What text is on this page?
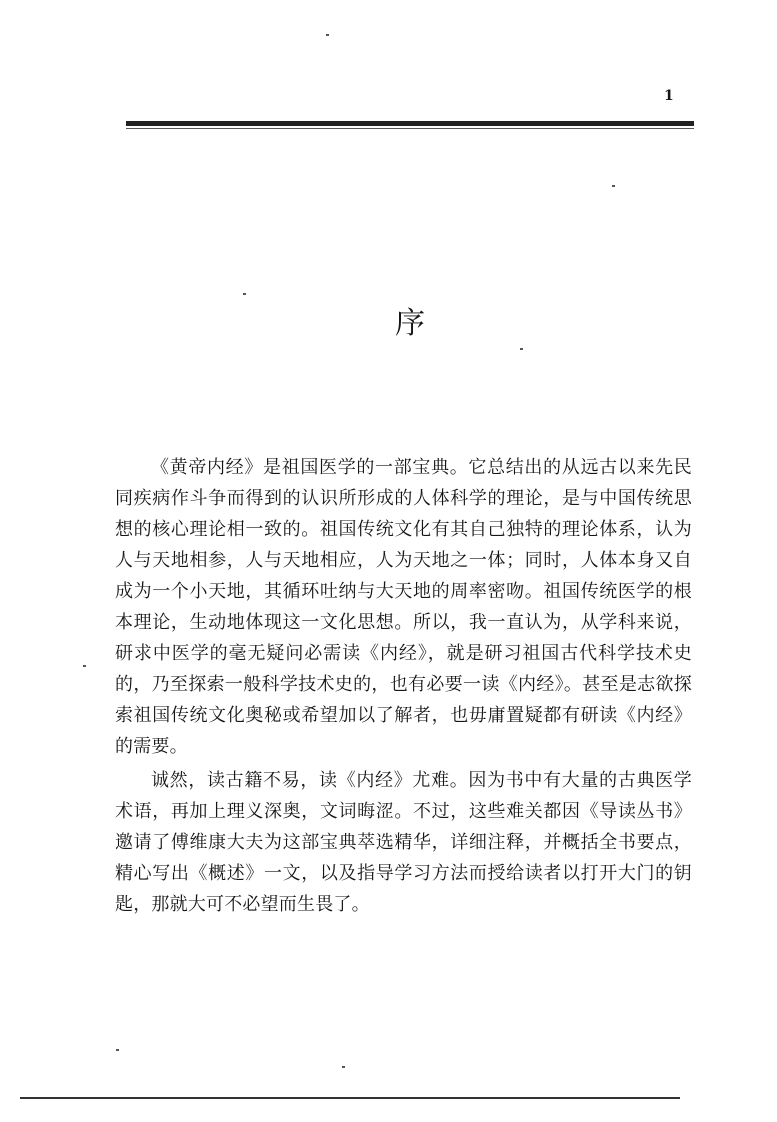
1
序

《黄帝内经》是祖国医学的一部宝典。它总结出的从远古以来先民同疾病作斗争而得到的认识所形成的人体科学的理论，是与中国传统思想的核心理论相一致的。祖国传统文化有其自己独特的理论体系，认为人与天地相参，人与天地相应，人为天地之一体；同时，人体本身又自成为一个小天地，其循环吐纳与大天地的周率密吻。祖国传统医学的根本理论，生动地体现这一文化思想。所以，我一直认为，从学科来说，研求中医学的毫无疑问必需读《内经》，就是研习祖国古代科学技术史的，乃至探索一般科学技术史的，也有必要一读《内经》。甚至是志欲探索祖国传统文化奥秘或希望加以了解者，也毋庸置疑都有研读《内经》的需要。

诚然，读古籍不易，读《内经》尤难。因为书中有大量的古典医学术语，再加上理义深奥，文词晦涩。不过，这些难关都因《导读丛书》邀请了傅维康大夫为这部宝典萃选精华，详细注释，并概括全书要点，精心写出《概述》一文，以及指导学习方法而授给读者以打开大门的钥匙，那就大可不必望而生畏了。
